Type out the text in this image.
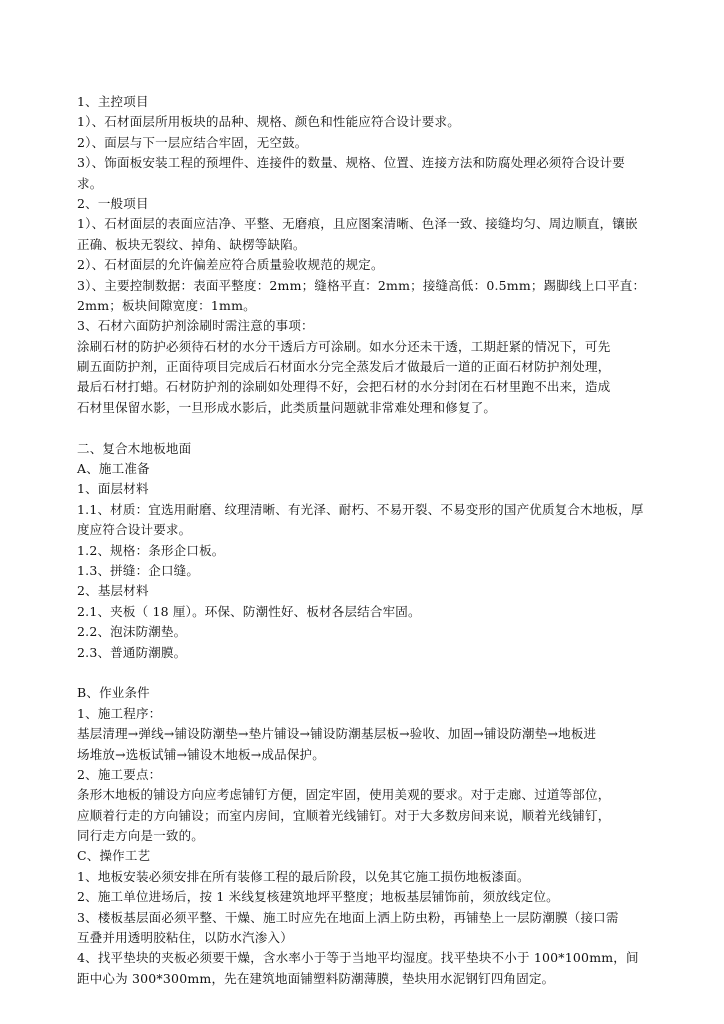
1、主控项目
1）、石材面层所用板块的品种、规格、颜色和性能应符合设计要求。
2）、面层与下一层应结合牢固，无空鼓。
3）、饰面板安装工程的预埋件、连接件的数量、规格、位置、连接方法和防腐处理必须符合设计要
求。
2、一般项目
1）、石材面层的表面应洁净、平整、无磨痕，且应图案清晰、色泽一致、接缝均匀、周边顺直，镶嵌
正确、板块无裂纹、掉角、缺楞等缺陷。
2）、石材面层的允许偏差应符合质量验收规范的规定。
3）、主要控制数据：表面平整度：2mm；缝格平直：2mm；接缝高低：0.5mm；踢脚线上口平直：
2mm；板块间隙宽度：1mm。
3、石材六面防护剂涂刷时需注意的事项：
涂刷石材的防护必须待石材的水分干透后方可涂刷。如水分还未干透，工期赶紧的情况下，可先
刷五面防护剂，正面待项目完成后石材面水分完全蒸发后才做最后一道的正面石材防护剂处理，
最后石材打蜡。石材防护剂的涂刷如处理得不好，会把石材的水分封闭在石材里跑不出来，造成
石材里保留水影，一旦形成水影后，此类质量问题就非常难处理和修复了。
二、复合木地板地面
A、施工准备
1、面层材料
1.1、材质：宜选用耐磨、纹理清晰、有光泽、耐朽、不易开裂、不易变形的国产优质复合木地板，厚
度应符合设计要求。
1.2、规格：条形企口板。
1.3、拼缝：企口缝。
2、基层材料
2.1、夹板（ 18 厘）。环保、防潮性好、板材各层结合牢固。
2.2、泡沫防潮垫。
2.3、普通防潮膜。
B、作业条件
1、施工程序：
基层清理→弹线→铺设防潮垫→垫片铺设→铺设防潮基层板→验收、加固→铺设防潮垫→地板进
场堆放→选板试铺→铺设木地板→成品保护。
2、施工要点：
条形木地板的铺设方向应考虑铺钉方便，固定牢固，使用美观的要求。对于走廊、过道等部位，
应顺着行走的方向铺设；而室内房间，宜顺着光线铺钉。对于大多数房间来说，顺着光线铺钉，
同行走方向是一致的。
C、操作工艺
1、地板安装必须安排在所有装修工程的最后阶段，以免其它施工损伤地板漆面。
2、施工单位进场后，按 1 米线复核建筑地坪平整度；地板基层铺饰前，须放线定位。
3、楼板基层面必须平整、干燥、施工时应先在地面上洒上防虫粉，再铺垫上一层防潮膜（接口需
互叠并用透明胶粘住，以防水汽渗入）
4、找平垫块的夹板必须要干燥，含水率小于等于当地平均湿度。找平垫块不小于 100*100mm，间
距中心为 300*300mm，先在建筑地面铺塑料防潮薄膜，垫块用水泥钢钉四角固定。
